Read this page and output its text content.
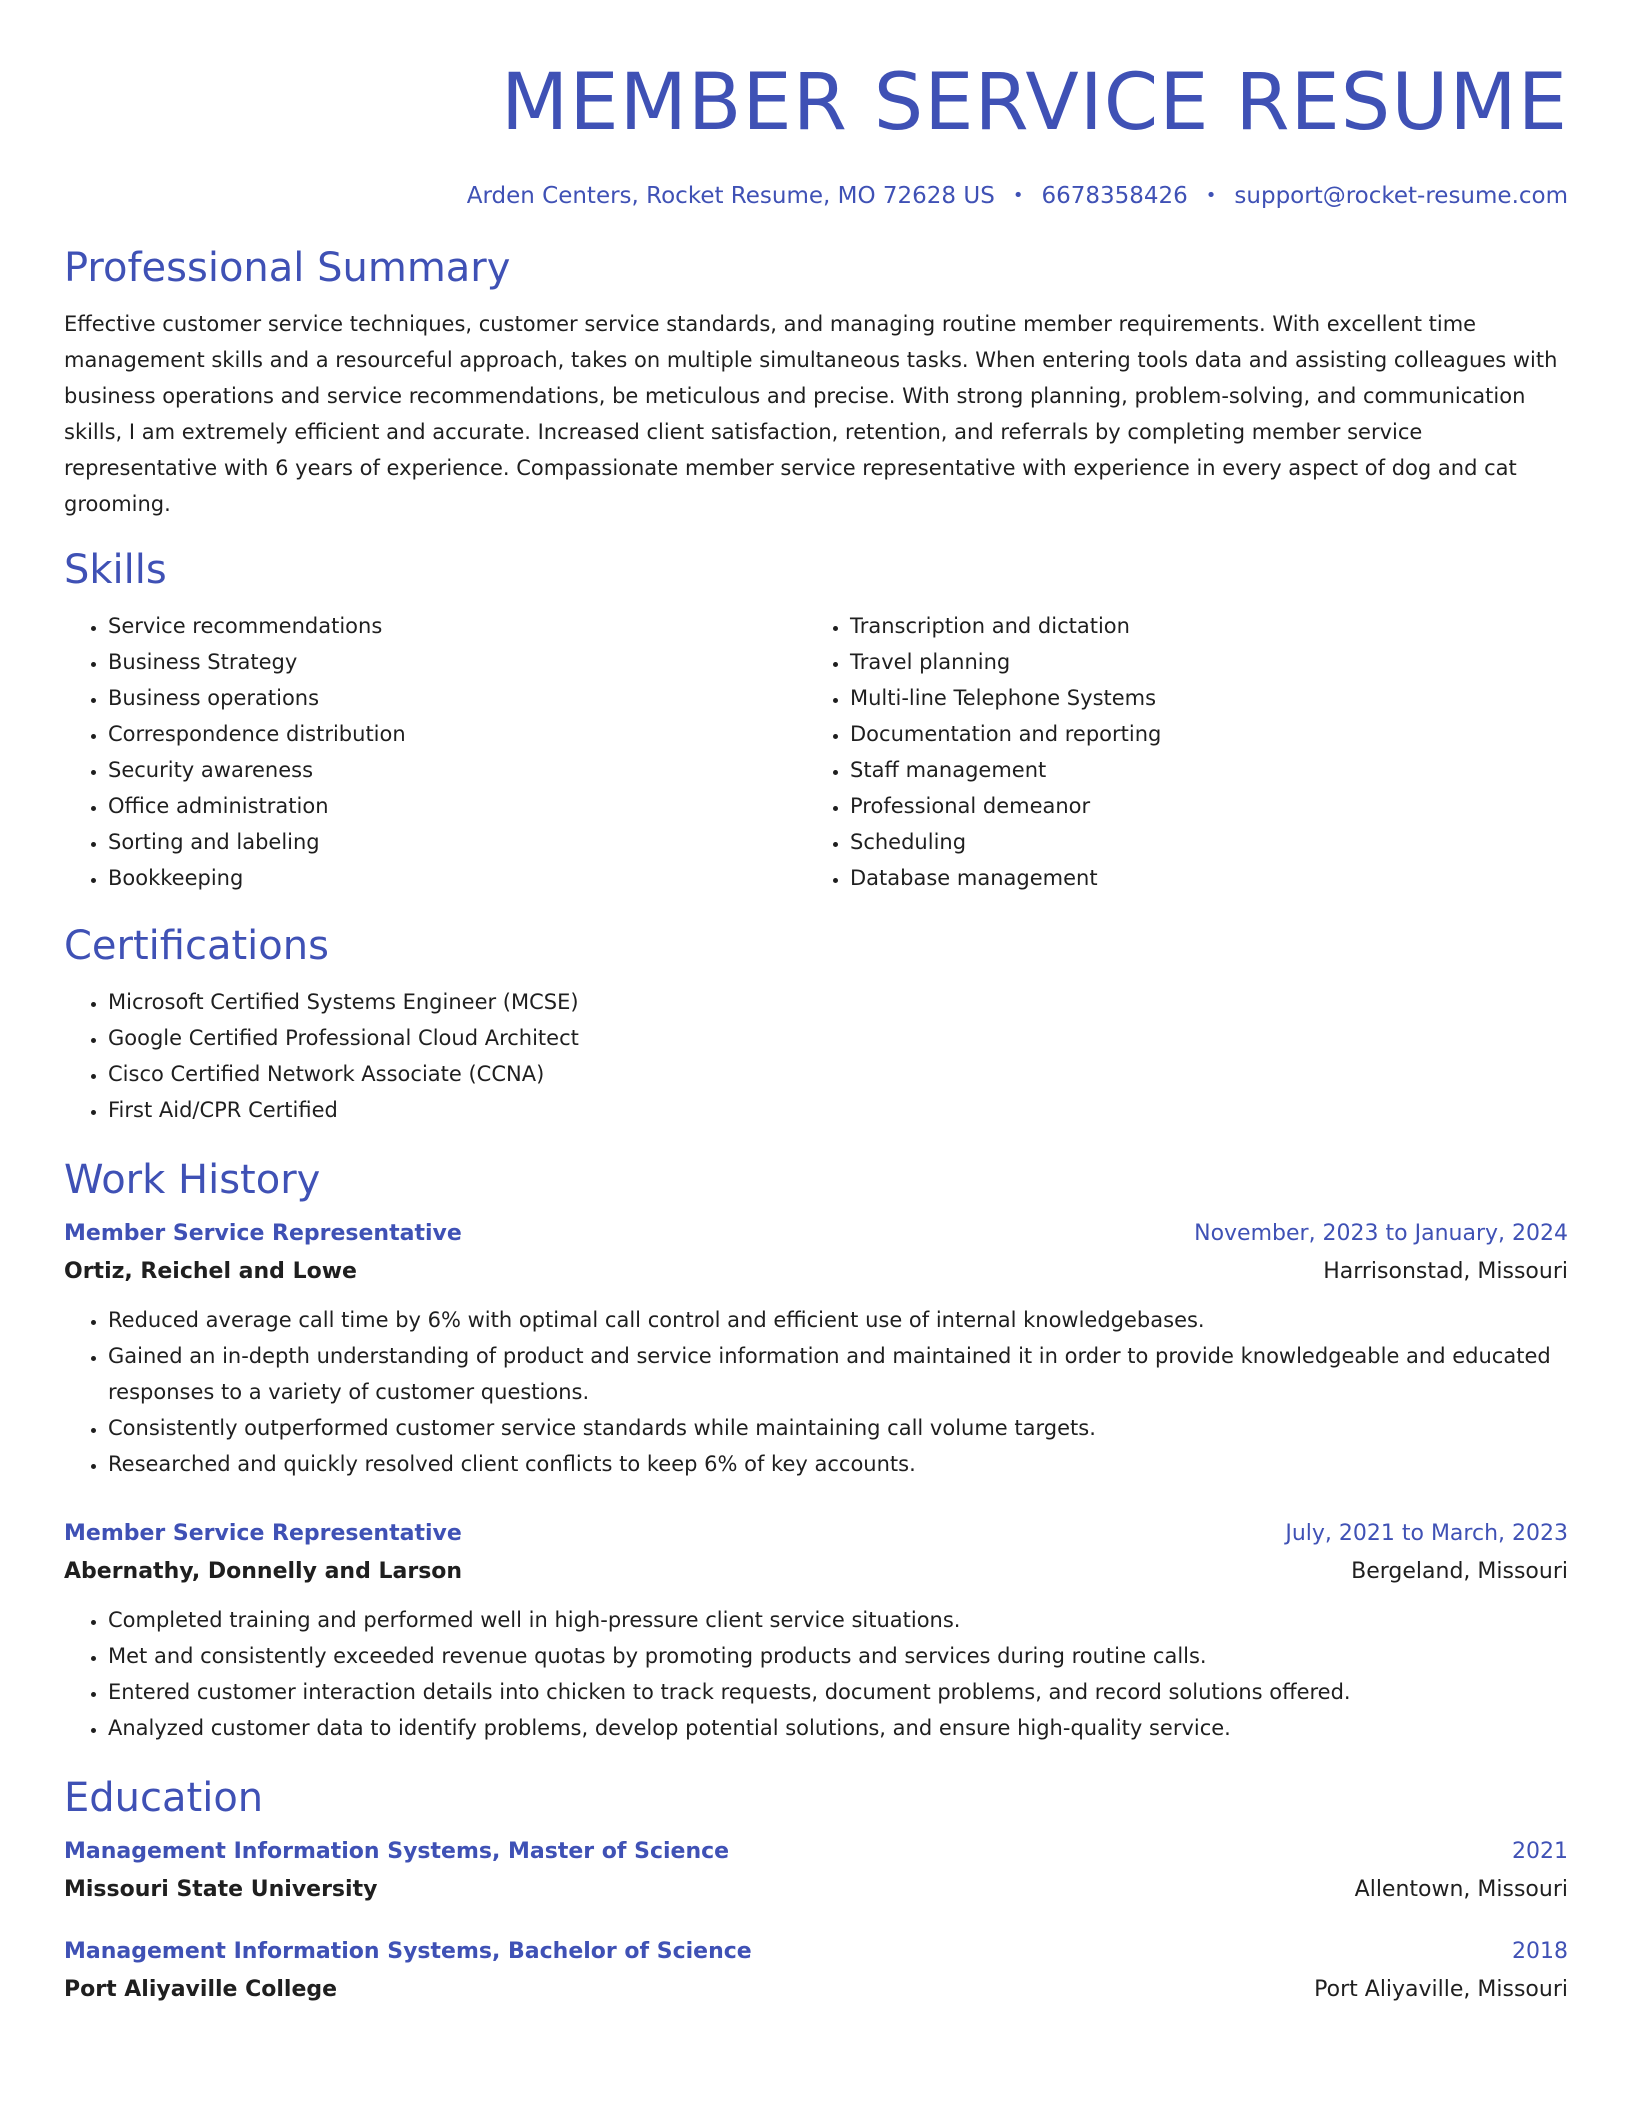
MEMBER SERVICE RESUME
Arden Centers, Rocket Resume, MO 72628 US • 6678358426 • support@rocket-resume.com
Professional Summary

Effective customer service techniques, customer service standards, and managing routine member requirements. With excellent time management skills and a resourceful approach, takes on multiple simultaneous tasks. When entering tools data and assisting colleagues with business operations and service recommendations, be meticulous and precise. With strong planning, problem-solving, and communication skills, I am extremely efficient and accurate. Increased client satisfaction, retention, and referrals by completing member service representative with 6 years of experience. Compassionate member service representative with experience in every aspect of dog and cat grooming.

Skills
• Service recommendations
• Business Strategy
• Business operations
• Correspondence distribution
• Security awareness
• Office administration
• Sorting and labeling
• Bookkeeping
• Transcription and dictation
• Travel planning
• Multi-line Telephone Systems
• Documentation and reporting
• Staff management
• Professional demeanor
• Scheduling
• Database management
Certifications
• Microsoft Certified Systems Engineer (MCSE)
• Google Certified Professional Cloud Architect
• Cisco Certified Network Associate (CCNA)
• First Aid/CPR Certified
Work History
Member Service Representative	November, 2023 to January, 2024
Ortiz, Reichel and Lowe	Harrisonstad, Missouri
• Reduced average call time by 6% with optimal call control and efficient use of internal knowledgebases.
• Gained an in-depth understanding of product and service information and maintained it in order to provide knowledgeable and educated responses to a variety of customer questions.
• Consistently outperformed customer service standards while maintaining call volume targets.
• Researched and quickly resolved client conflicts to keep 6% of key accounts.
Member Service Representative	July, 2021 to March, 2023
Abernathy, Donnelly and Larson	Bergeland, Missouri
• Completed training and performed well in high-pressure client service situations.
• Met and consistently exceeded revenue quotas by promoting products and services during routine calls.
• Entered customer interaction details into chicken to track requests, document problems, and record solutions offered.
• Analyzed customer data to identify problems, develop potential solutions, and ensure high-quality service.
Education
Management Information Systems, Master of Science	2021
Missouri State University	Allentown, Missouri
Management Information Systems, Bachelor of Science	2018
Port Aliyaville College	Port Aliyaville, Missouri
